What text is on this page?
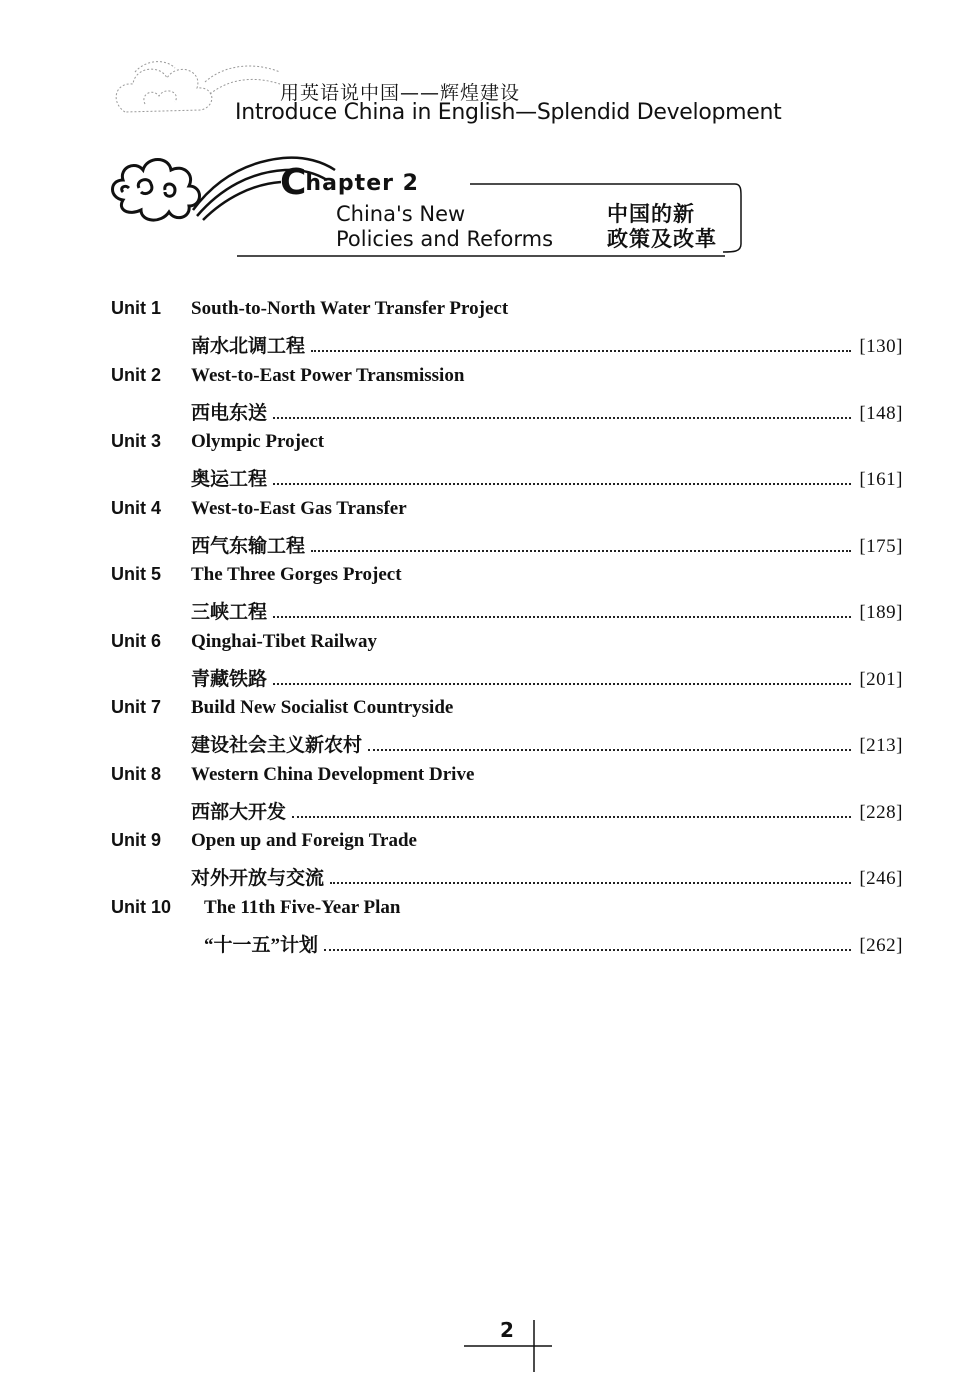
用英语说中国——辉煌建设
Introduce China in English—Splendid Development
Chapter 2
China's New
Policies and Reforms
中国的新
政策及改革
Unit 1	South-to-North Water Transfer Project
南水北调工程	[130]
Unit 2	West-to-East Power Transmission
西电东送	[148]
Unit 3	Olympic Project
奥运工程	[161]
Unit 4	West-to-East Gas Transfer
西气东输工程	[175]
Unit 5	The Three Gorges Project
三峡工程	[189]
Unit 6	Qinghai-Tibet Railway
青藏铁路	[201]
Unit 7	Build New Socialist Countryside
建设社会主义新农村	[213]
Unit 8	Western China Development Drive
西部大开发	[228]
Unit 9	Open up and Foreign Trade
对外开放与交流	[246]
Unit 10	The 11th Five-Year Plan
“十一五”计划	[262]
2
